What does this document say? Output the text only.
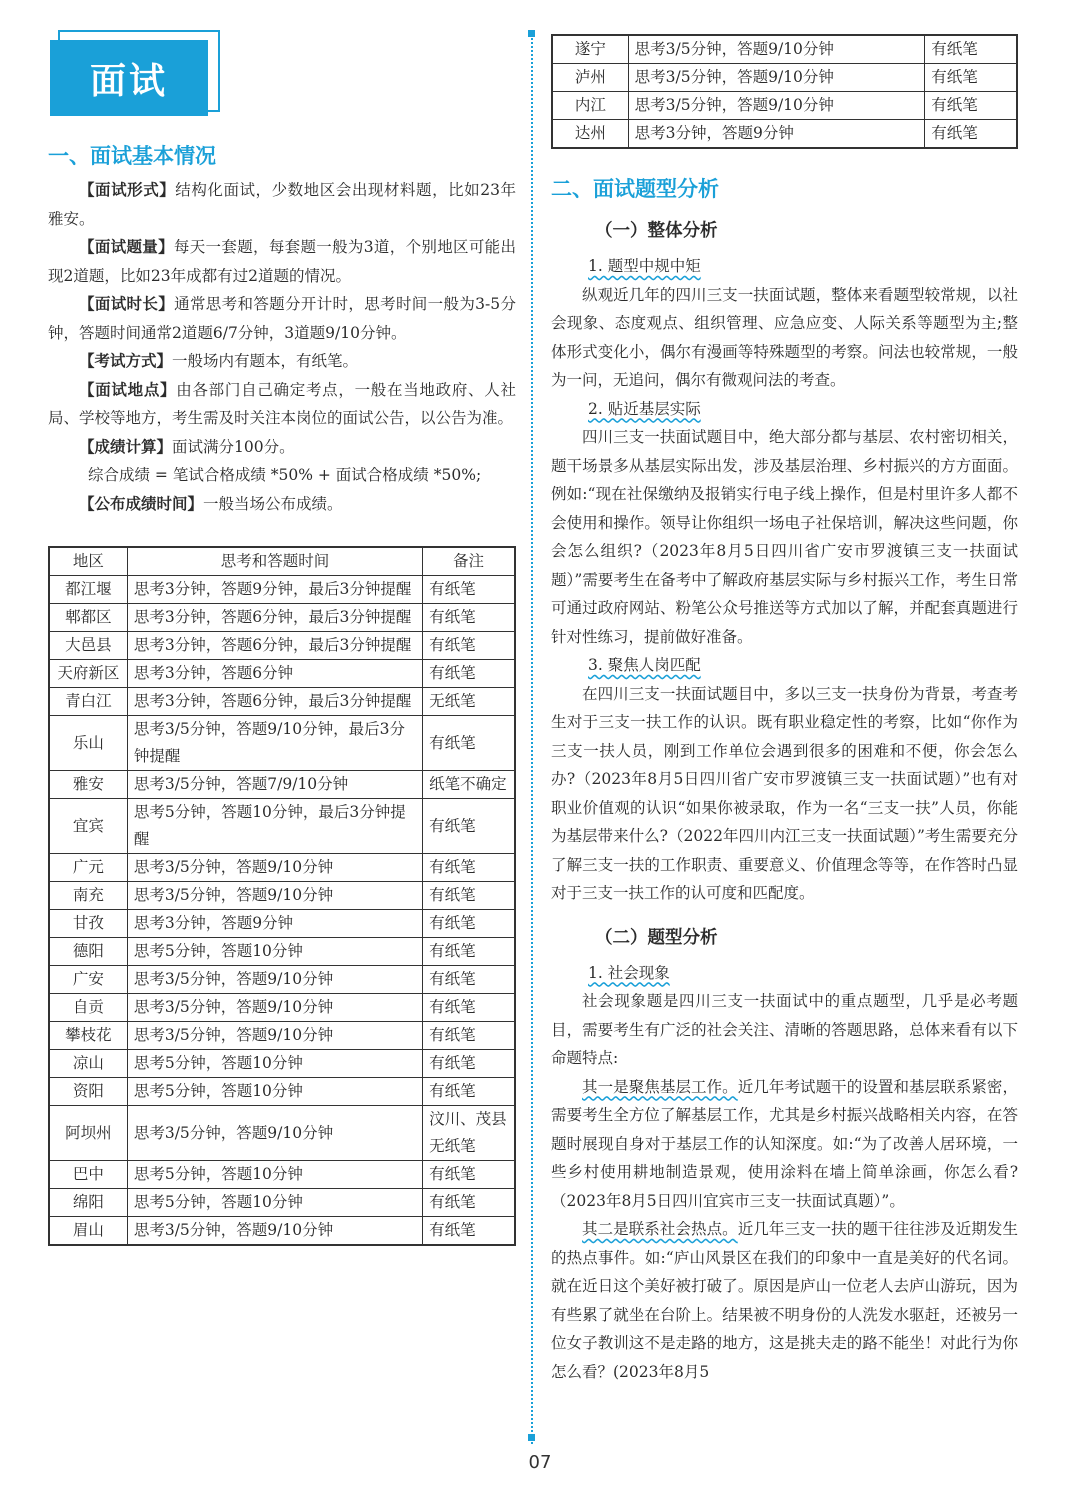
面试
一、面试基本情况

【面试形式】结构化面试，少数地区会出现材料题，比如23年雅安。

【面试题量】每天一套题，每套题一般为3道，个别地区可能出现2道题，比如23年成都有过2道题的情况。

【面试时长】通常思考和答题分开计时，思考时间一般为3-5分钟，答题时间通常2道题6/7分钟，3道题9/10分钟。

【考试方式】一般场内有题本，有纸笔。

【面试地点】由各部门自己确定考点，一般在当地政府、人社局、学校等地方，考生需及时关注本岗位的面试公告，以公告为准。

【成绩计算】面试满分100分。

综合成绩 = 笔试合格成绩 *50% + 面试合格成绩 *50%;

【公布成绩时间】一般当场公布成绩。

地区	思考和答题时间	备注
都江堰	思考3分钟，答题9分钟，最后3分钟提醒	有纸笔
郫都区	思考3分钟，答题6分钟，最后3分钟提醒	有纸笔
大邑县	思考3分钟，答题6分钟，最后3分钟提醒	有纸笔
天府新区	思考3分钟，答题6分钟	有纸笔
青白江	思考3分钟，答题6分钟，最后3分钟提醒	无纸笔
乐山	思考3/5分钟，答题9/10分钟，最后3分钟提醒	有纸笔
雅安	思考3/5分钟，答题7/9/10分钟	纸笔不确定
宜宾	思考5分钟，答题10分钟，最后3分钟提醒	有纸笔
广元	思考3/5分钟，答题9/10分钟	有纸笔
南充	思考3/5分钟，答题9/10分钟	有纸笔
甘孜	思考3分钟，答题9分钟	有纸笔
德阳	思考5分钟，答题10分钟	有纸笔
广安	思考3/5分钟，答题9/10分钟	有纸笔
自贡	思考3/5分钟，答题9/10分钟	有纸笔
攀枝花	思考3/5分钟，答题9/10分钟	有纸笔
凉山	思考5分钟，答题10分钟	有纸笔
资阳	思考5分钟，答题10分钟	有纸笔
阿坝州	思考3/5分钟，答题9/10分钟	汶川、茂县无纸笔
巴中	思考5分钟，答题10分钟	有纸笔
绵阳	思考5分钟，答题10分钟	有纸笔
眉山	思考3/5分钟，答题9/10分钟	有纸笔
遂宁	思考3/5分钟，答题9/10分钟	有纸笔
泸州	思考3/5分钟，答题9/10分钟	有纸笔
内江	思考3/5分钟，答题9/10分钟	有纸笔
达州	思考3分钟，答题9分钟	有纸笔
二、面试题型分析

（一）整体分析

1. 题型中规中矩

纵观近几年的四川三支一扶面试题，整体来看题型较常规，以社会现象、态度观点、组织管理、应急应变、人际关系等题型为主;整体形式变化小，偶尔有漫画等特殊题型的考察。问法也较常规，一般为一问，无追问，偶尔有微观问法的考查。

2. 贴近基层实际

四川三支一扶面试题目中，绝大部分都与基层、农村密切相关，题干场景多从基层实际出发，涉及基层治理、乡村振兴的方方面面。例如:“现在社保缴纳及报销实行电子线上操作，但是村里许多人都不会使用和操作。领导让你组织一场电子社保培训，解决这些问题，你会怎么组织?（2023年8月5日四川省广安市罗渡镇三支一扶面试题）”需要考生在备考中了解政府基层实际与乡村振兴工作，考生日常可通过政府网站、粉笔公众号推送等方式加以了解，并配套真题进行针对性练习，提前做好准备。

3. 聚焦人岗匹配

在四川三支一扶面试题目中，多以三支一扶身份为背景，考查考生对于三支一扶工作的认识。既有职业稳定性的考察，比如“你作为三支一扶人员，刚到工作单位会遇到很多的困难和不便，你会怎么办?（2023年8月5日四川省广安市罗渡镇三支一扶面试题）”也有对职业价值观的认识“如果你被录取，作为一名“三支一扶”人员，你能为基层带来什么?（2022年四川内江三支一扶面试题）”考生需要充分了解三支一扶的工作职责、重要意义、价值理念等等，在作答时凸显对于三支一扶工作的认可度和匹配度。

（二）题型分析

1. 社会现象

社会现象题是四川三支一扶面试中的重点题型，几乎是必考题目，需要考生有广泛的社会关注、清晰的答题思路，总体来看有以下命题特点:

其一是聚焦基层工作。近几年考试题干的设置和基层联系紧密，需要考生全方位了解基层工作，尤其是乡村振兴战略相关内容，在答题时展现自身对于基层工作的认知深度。如:“为了改善人居环境，一些乡村使用耕地制造景观，使用涂料在墙上简单涂画，你怎么看?（2023年8月5日四川宜宾市三支一扶面试真题）”。

其二是联系社会热点。近几年三支一扶的题干往往涉及近期发生的热点事件。如:“庐山风景区在我们的印象中一直是美好的代名词。就在近日这个美好被打破了。原因是庐山一位老人去庐山游玩，因为有些累了就坐在台阶上。结果被不明身份的人洗发水驱赶，还被另一位女子教训这不是走路的地方，这是挑夫走的路不能坐！对此行为你怎么看？(2023年8月5

07
